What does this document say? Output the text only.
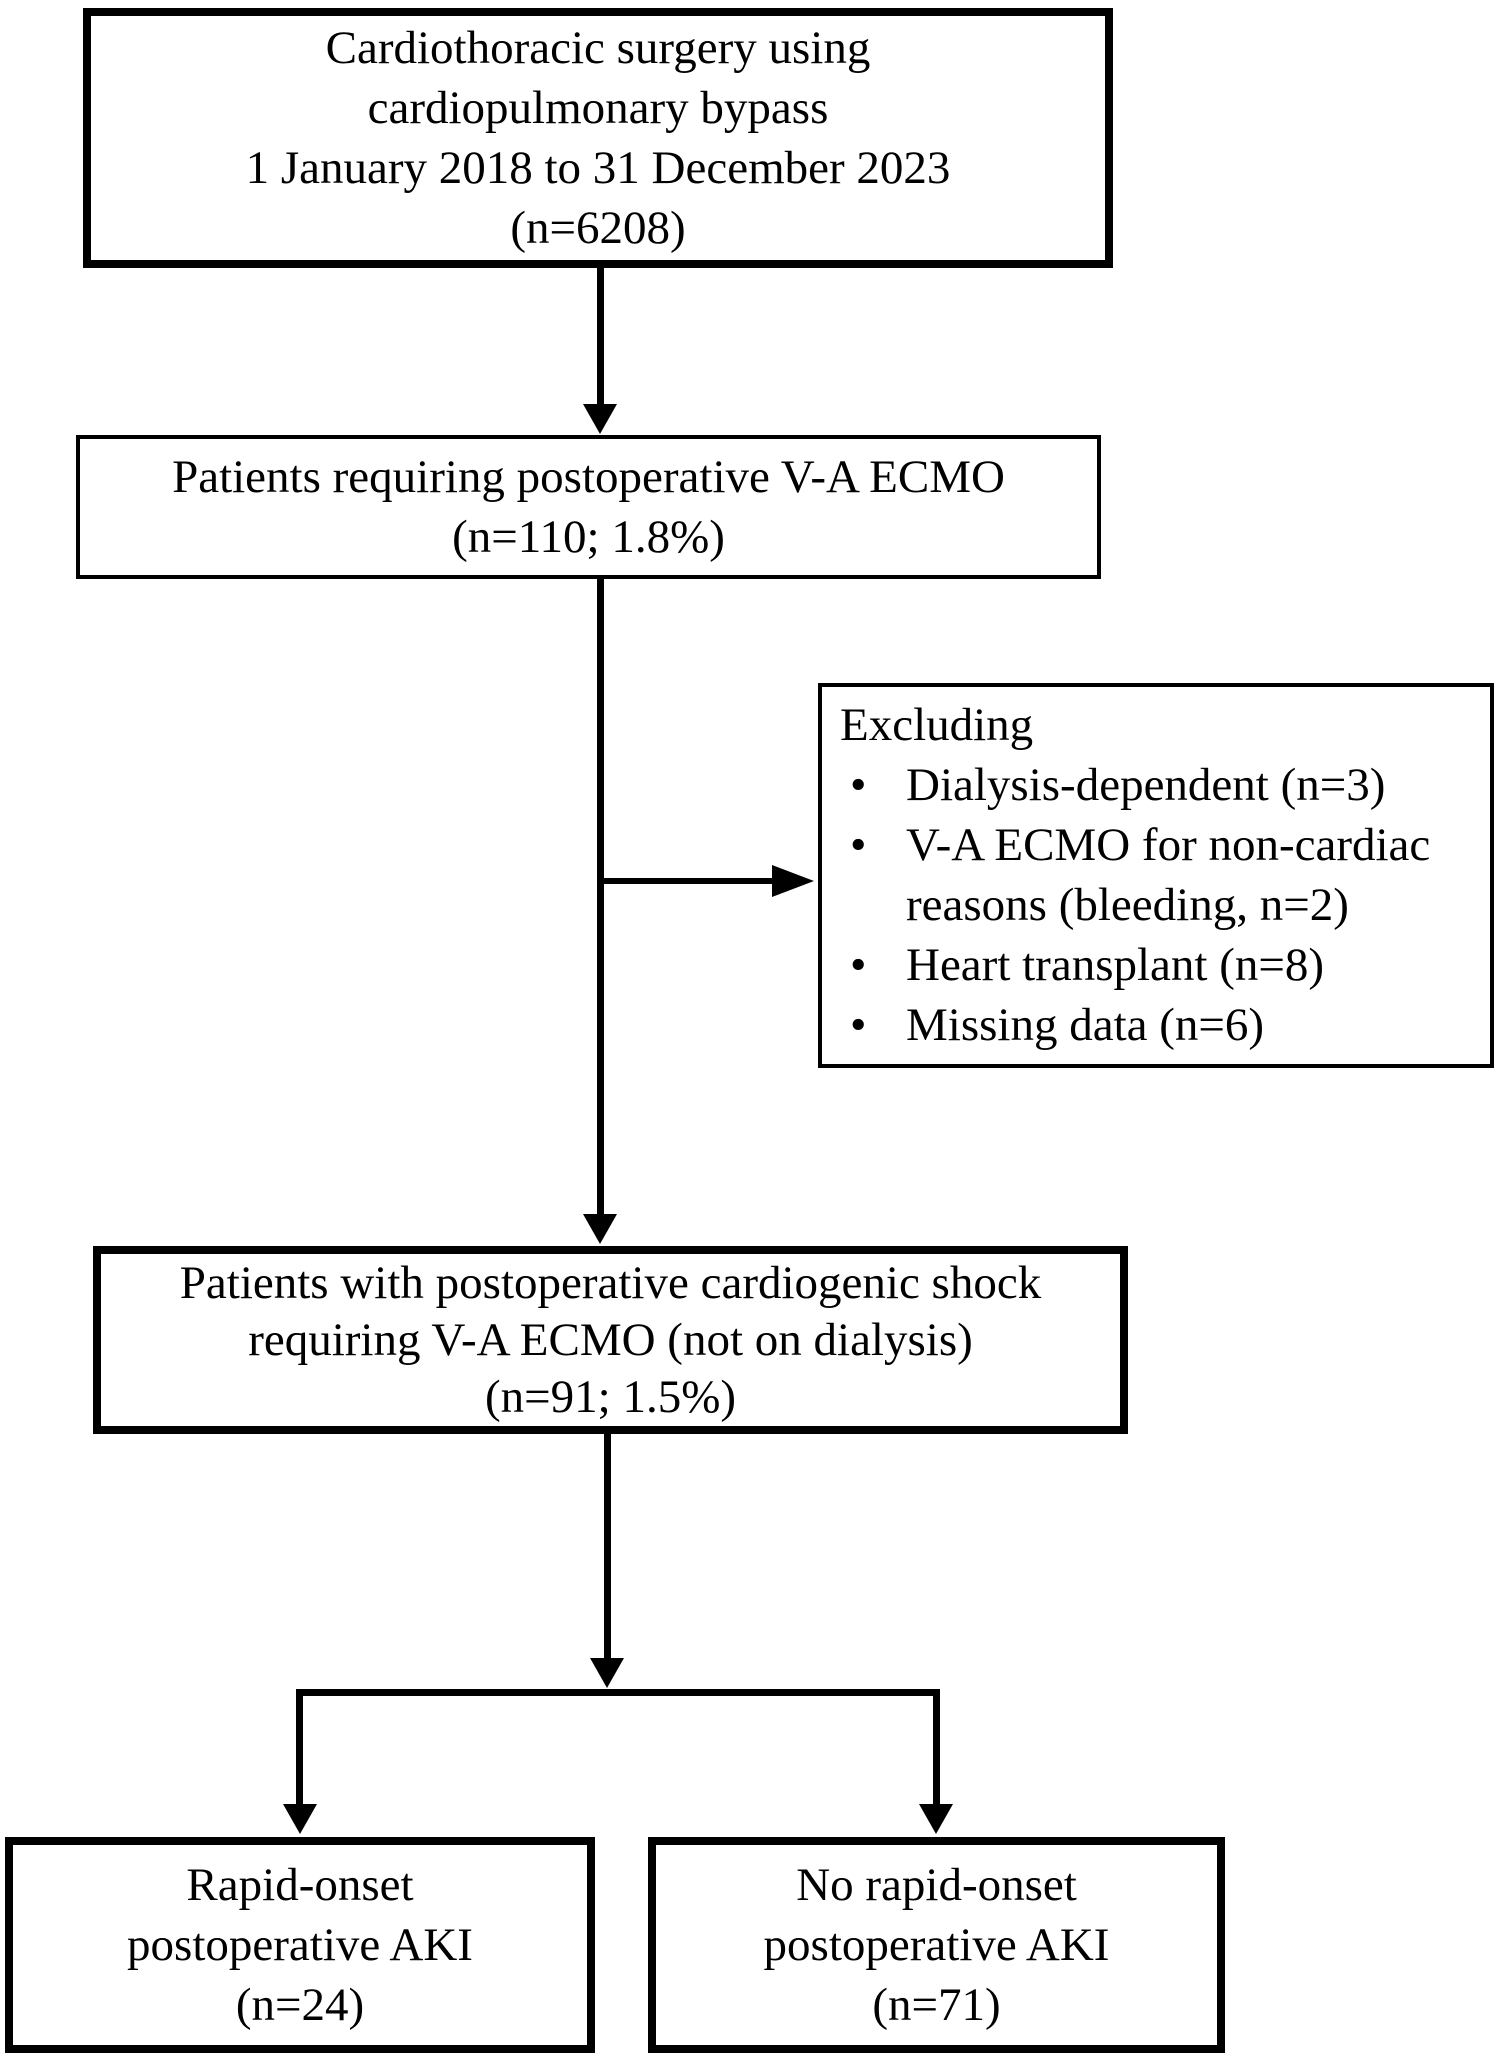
Cardiothoracic surgery using
cardiopulmonary bypass
1 January 2018 to 31 December 2023
(n=6208)
Patients requiring postoperative V-A ECMO
(n=110; 1.8%)
Excluding
• Dialysis-dependent (n=3)
• V-A ECMO for non-cardiac reasons (bleeding, n=2)
• Heart transplant (n=8)
• Missing data (n=6)
Patients with postoperative cardiogenic shock
requiring V-A ECMO (not on dialysis)
(n=91; 1.5%)
Rapid-onset
postoperative AKI
(n=24)
No rapid-onset
postoperative AKI
(n=71)
